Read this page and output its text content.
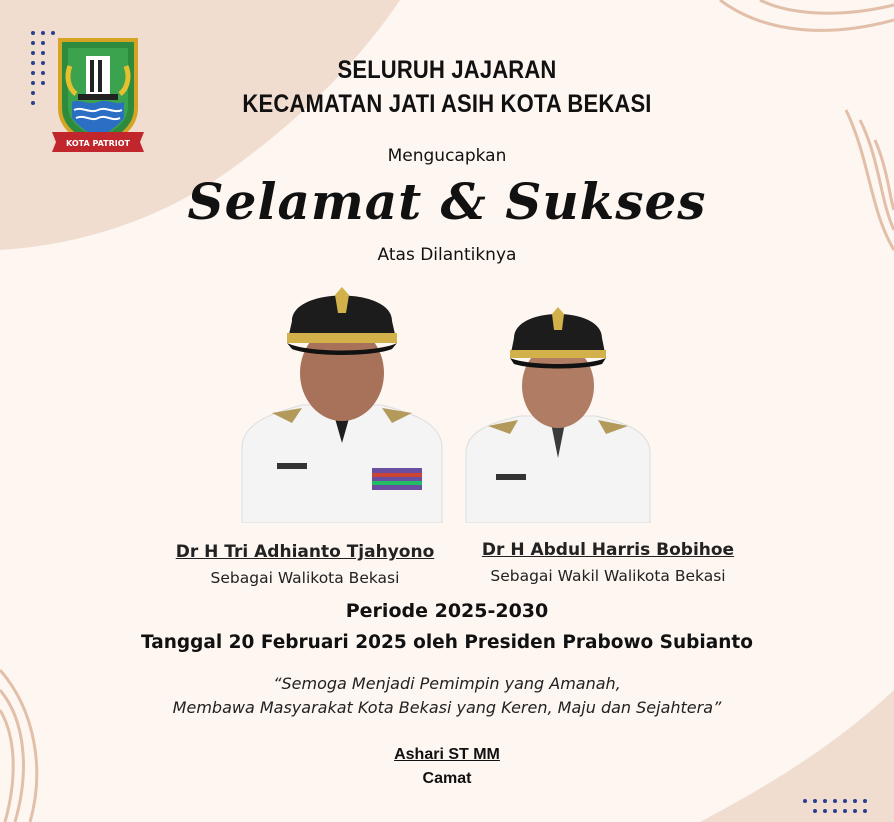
KOTA PATRIOT
SELURUH JAJARAN
KECAMATAN JATI ASIH KOTA BEKASI
Mengucapkan
Selamat & Sukses
Atas Dilantiknya
Dr H Tri Adhianto Tjahyono
Sebagai Walikota Bekasi
Dr H Abdul Harris Bobihoe
Sebagai Wakil Walikota Bekasi
Periode 2025-2030
Tanggal 20 Februari 2025 oleh Presiden Prabowo Subianto
“Semoga Menjadi Pemimpin yang Amanah,
Membawa Masyarakat Kota Bekasi yang Keren, Maju dan Sejahtera”
Ashari ST MM
Camat
